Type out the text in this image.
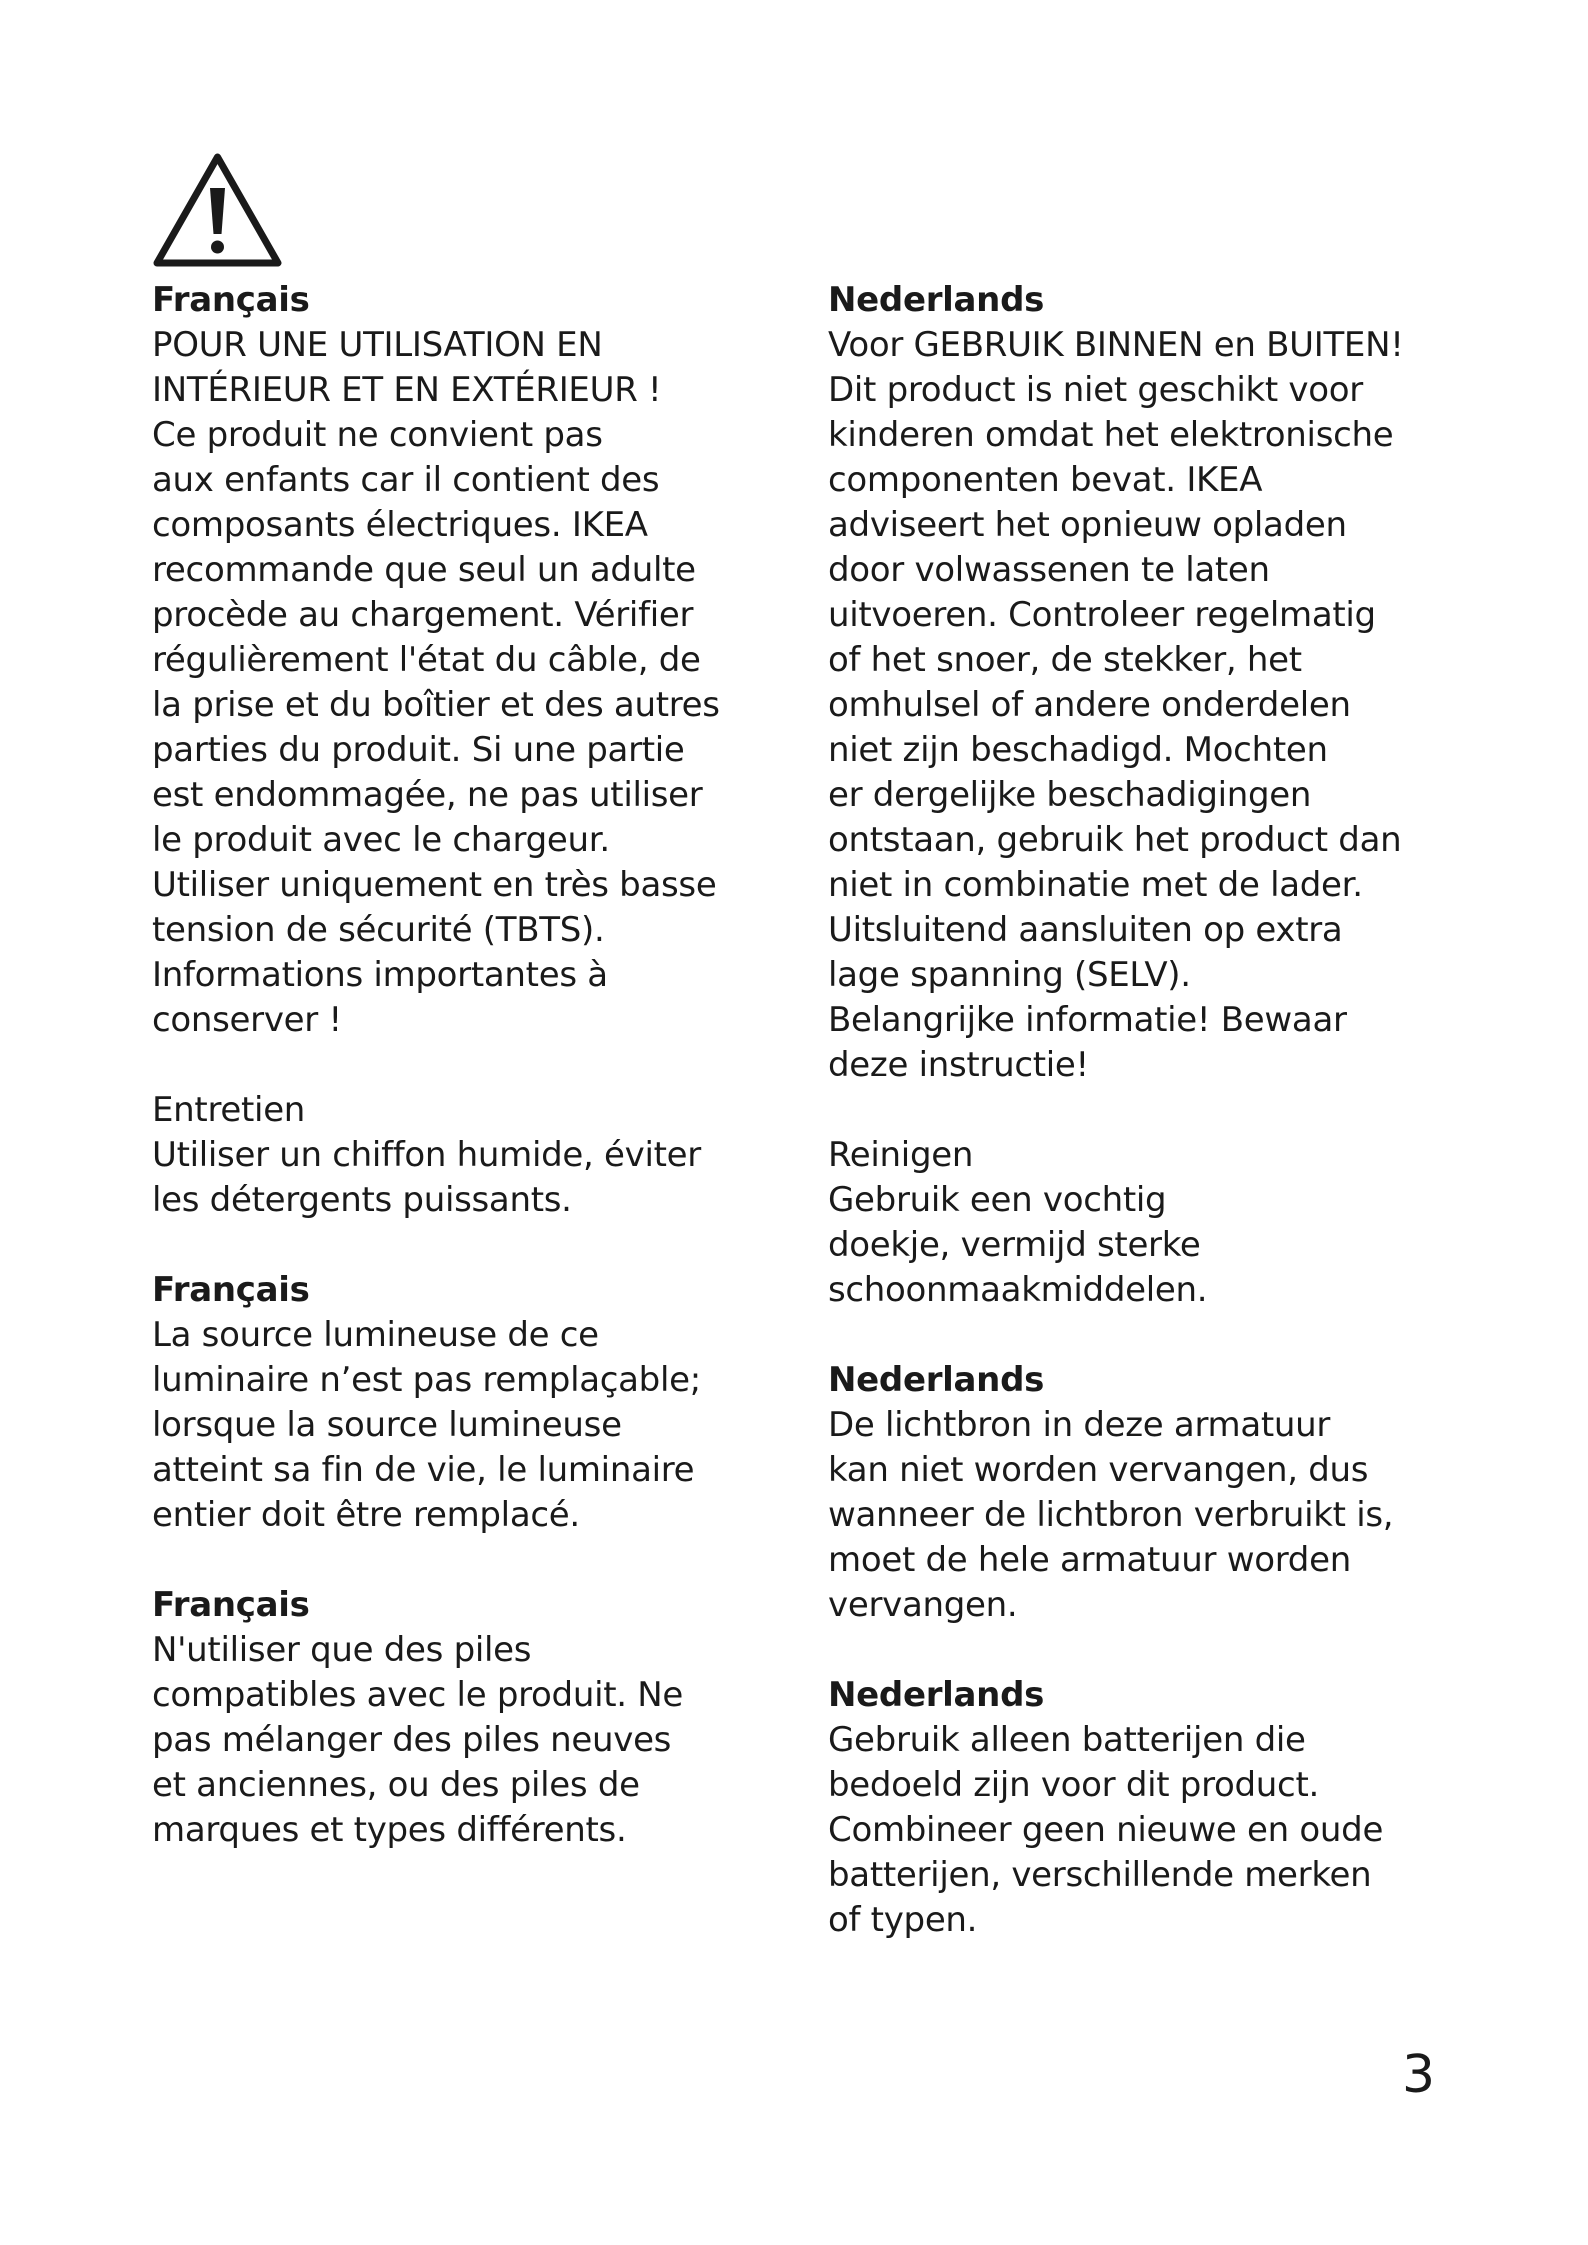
Français
POUR UNE UTILISATION EN
INTÉRIEUR ET EN EXTÉRIEUR !
Ce produit ne convient pas
aux enfants car il contient des
composants électriques. IKEA
recommande que seul un adulte
procède au chargement. Vérifier
régulièrement l'état du câble, de
la prise et du boîtier et des autres
parties du produit. Si une partie
est endommagée, ne pas utiliser
le produit avec le chargeur.
Utiliser uniquement en très basse
tension de sécurité (TBTS).
Informations importantes à
conserver !
Entretien
Utiliser un chiffon humide, éviter
les détergents puissants.
Français
La source lumineuse de ce
luminaire n’est pas remplaçable;
lorsque la source lumineuse
atteint sa fin de vie, le luminaire
entier doit être remplacé.
Français
N'utiliser que des piles
compatibles avec le produit. Ne
pas mélanger des piles neuves
et anciennes, ou des piles de
marques et types différents.
Nederlands
Voor GEBRUIK BINNEN en BUITEN!
Dit product is niet geschikt voor
kinderen omdat het elektronische
componenten bevat. IKEA
adviseert het opnieuw opladen
door volwassenen te laten
uitvoeren. Controleer regelmatig
of het snoer, de stekker, het
omhulsel of andere onderdelen
niet zijn beschadigd. Mochten
er dergelijke beschadigingen
ontstaan, gebruik het product dan
niet in combinatie met de lader.
Uitsluitend aansluiten op extra
lage spanning (SELV).
Belangrijke informatie! Bewaar
deze instructie!
Reinigen
Gebruik een vochtig
doekje, vermijd sterke
schoonmaakmiddelen.
Nederlands
De lichtbron in deze armatuur
kan niet worden vervangen, dus
wanneer de lichtbron verbruikt is,
moet de hele armatuur worden
vervangen.
Nederlands
Gebruik alleen batterijen die
bedoeld zijn voor dit product.
Combineer geen nieuwe en oude
batterijen, verschillende merken
of typen.
3
